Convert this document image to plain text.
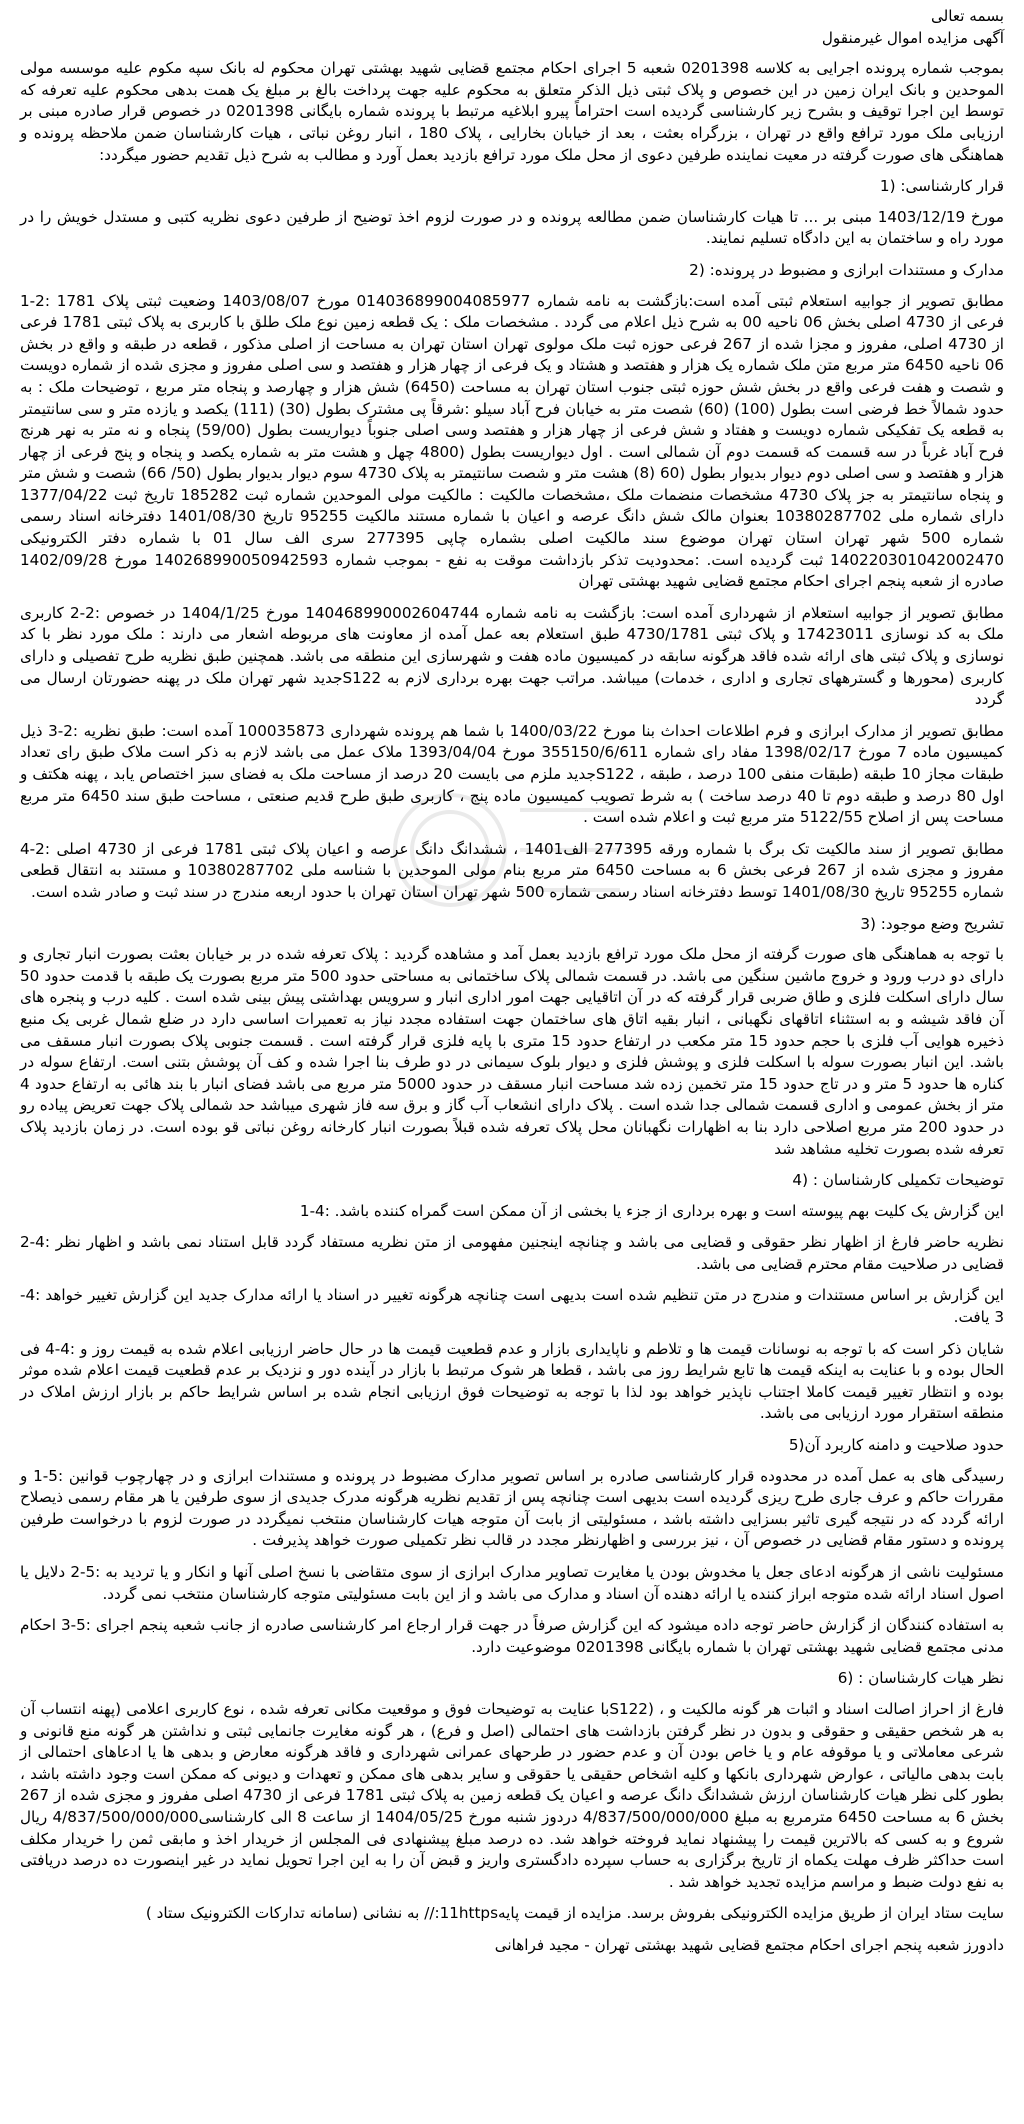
بسمه تعالی
آگهی مزایده اموال غیرمنقول

بموجب شماره پرونده اجرایی به کلاسه 0201398 شعبه 5 اجرای احکام مجتمع قضایی شهید بهشتی تهران محکوم له بانک سپه مکوم علیه موسسه مولی الموحدین و بانک ایران زمین در این خصوص و پلاک ثبتی ذیل الذکر متعلق به محکوم علیه جهت پرداخت بالغ بر مبلغ یک همت بدهی محکوم علیه تعرفه که توسط این اجرا توقیف و بشرح زیر کارشناسی گردیده است احتراماً پیرو ابلاغیه مرتبط با پرونده شماره بایگانی 0201398 در خصوص قرار صادره مبنی بر ارزیابی ملک مورد ترافع واقع در تهران ، بزرگراه بعثت ، بعد از خیابان بخارایی ، پلاک 180 ، انبار روغن نباتی ، هیات کارشناسان ضمن ملاحظه پرونده و هماهنگی های صورت گرفته در معیت نماینده طرفین دعوی از محل ملک مورد ترافع بازدید بعمل آورد و مطالب به شرح ذیل تقدیم حضور میگردد:

قرار کارشناسی: (1

مورخ 1403/12/19 مبنی بر ... تا هیات کارشناسان ضمن مطالعه پرونده و در صورت لزوم اخذ توضیح از طرفین دعوی نظریه کتبی و مستدل خویش را در مورد راه و ساختمان به این دادگاه تسلیم نمایند.

مدارک و مستندات ابرازی و مضبوط در پرونده: (2

مطابق تصویر از جوابیه استعلام ثبتی آمده است:بازگشت به نامه شماره 14036899004085977‏0 مورخ 1403/08/07 وضعیت ثبتی پلاک 1781 :2-1 فرعی از 4730 اصلی بخش 06 ناحیه 00 به شرح ذیل اعلام می گردد . مشخصات ملک : یک قطعه زمین نوع ملک طلق با کاربری به پلاک ثبتی 1781 فرعی از 4730 اصلی، مفروز و مجزا شده از 267 فرعی حوزه ثبت ملک مولوی تهران استان تهران به مساحت از اصلی مذکور ، قطعه در طبقه و واقع در بخش 06 ناحیه 6450 متر مربع متن ملک شماره یک هزار و هفتصد و هشتاد و یک فرعی از چهار هزار و هفتصد و سی اصلی مفروز و مجزی شده از شماره دویست و شصت و هفت فرعی واقع در بخش شش حوزه ثبتی جنوب استان تهران به مساحت (6450) شش هزار و چهارصد و پنجاه متر مربع ، توضیحات ملک : به حدود شمالاً خط فرضی است بطول (100) (60) شصت متر به خیابان فرح آباد سیلو :شرقاً پی مشترک بطول (30) (111) یکصد و یازده متر و سی سانتیمتر به قطعه یک تفکیکی شماره دویست و هفتاد و شش فرعی از چهار هزار و هفتصد وسی اصلی جنوباً دیواریست بطول (59/00) پنجاه و نه متر به نهر هرنج فرح آباد غرباً در سه قسمت که قسمت دوم آن شمالی است . اول دیواریست بطول (4800 چهل و هشت متر به شماره یکصد و پنجاه و پنج فرعی از چهار هزار و هفتصد و سی اصلی دوم دیوار بدیوار بطول (60 (8) هشت متر و شصت سانتیمتر به پلاک 4730 سوم دیوار بدیوار بطول (50/ 66) شصت و شش متر و پنجاه سانتیمتر به جز پلاک 4730 مشخصات منضمات ملک ،مشخصات مالکیت : مالکیت مولی الموحدین شماره ثبت 185282 تاریخ ثبت 1377/04/22 دارای شماره ملی 10380287702 بعنوان مالک شش دانگ عرصه و اعیان با شماره مستند مالکیت 95255 تاریخ 1401/08/30 دفترخانه اسناد رسمی شماره 500 شهر تهران استان تهران موضوع سند مالکیت اصلی بشماره چاپی 277395 سری الف سال 01 با شماره دفتر الکترونیکی 140220301042002470 ثبت گردیده است. :محدودیت تذکر بازداشت موقت به نفع - بموجب شماره 140268990050942593 مورخ 1402/09/28 صادره از شعبه پنجم اجرای احکام مجتمع قضایی شهید بهشتی تهران

مطابق تصویر از جوابیه استعلام از شهرداری آمده است: بازگشت به نامه شماره 140468990002604744 مورخ 1404/1/25 در خصوص :2-2 کاربری ملک به کد نوسازی 17423011 و پلاک ثبتی 4730/1781 طبق استعلام بعه عمل آمده از معاونت های مربوطه اشعار می دارند : ملک مورد نظر با کد نوسازی و پلاک ثبتی های ارائه شده فاقد هرگونه سابقه در کمیسیون ماده هفت و شهرسازی این منطقه می باشد. همچنین طبق نظریه طرح تفصیلی و دارای کاربری (محورها و گسترههای تجاری و اداری ، خدمات) میباشد. مراتب جهت بهره برداری لازم به S122جدید شهر تهران ملک در پهنه حضورتان ارسال می گردد

مطابق تصویر از مدارک ابرازی و فرم اطلاعات احداث بنا مورخ 1400/03/22 با شما هم پرونده شهرداری 100035873 آمده است: طبق نظریه :2-3 ذیل کمیسیون ماده 7 مورخ 1398/02/17 مفاد رای شماره 355150/6/611 مورخ 1393/04/04 ملاک عمل می باشد لازم به ذکر است ملاک طبق رای تعداد طبقات مجاز 10 طبقه (طبقات منفی 100 درصد ، طبقه ، S122جدید ملزم می بایست 20 درصد از مساحت ملک به فضای سبز اختصاص یابد ، پهنه هکتف و اول 80 درصد و طبقه دوم تا 40 درصد ساخت ) به شرط تصویب کمیسیون ماده پنج ، کاربری طبق طرح قدیم صنعتی ، مساحت طبق سند 6450 متر مربع مساحت پس از اصلاح 5122/55 متر مربع ثبت و اعلام شده است .

مطابق تصویر از سند مالکیت تک برگ با شماره ورقه 277395 الف1401 ، ششدانگ دانگ عرصه و اعیان پلاک ثبتی 1781 فرعی از 4730 اصلی :2-4 مفروز و مجزی شده از 267 فرعی بخش 6 به مساحت 6450 متر مربع بنام مولی الموحدین با شناسه ملی 10380287702 و مستند به انتقال قطعی شماره 95255 تاریخ 1401/08/30 توسط دفترخانه اسناد رسمی شماره 500 شهر تهران استان تهران با حدود اربعه مندرج در سند ثبت و صادر شده است.

تشریح وضع موجود: (3

با توجه به هماهنگی های صورت گرفته از محل ملک مورد ترافع بازدید بعمل آمد و مشاهده گردید : پلاک تعرفه شده در بر خیابان بعثت بصورت انبار تجاری و دارای دو درب ورود و خروج ماشین سنگین می باشد. در قسمت شمالی پلاک ساختمانی به مساحتی حدود 500 متر مربع بصورت یک طبقه با قدمت حدود 50 سال دارای اسکلت فلزی و طاق ضربی قرار گرفته که در آن اتاقیایی جهت امور اداری انبار و سرویس بهداشتی پیش بینی شده است . کلیه درب و پنجره های آن فاقد شیشه و به استثناء اتاقهای نگهبانی ، انبار بقیه اتاق های ساختمان جهت استفاده مجدد نیاز به تعمیرات اساسی دارد در ضلع شمال غربی یک منبع ذخیره هوایی آب فلزی با حجم حدود 15 متر مکعب در ارتفاع حدود 15 متری با پایه فلزی قرار گرفته است . قسمت جنوبی پلاک بصورت انبار مسقف می باشد. این انبار بصورت سوله با اسکلت فلزی و پوشش فلزی و دیوار بلوک سیمانی در دو طرف بنا اجرا شده و کف آن پوشش بتنی است. ارتفاع سوله در کناره ها حدود 5 متر و در تاج حدود 15 متر تخمین زده شد مساحت انبار مسقف در حدود 5000 متر مربع می باشد فضای انبار با بند هائی به ارتفاع حدود 4 متر از بخش عمومی و اداری قسمت شمالی جدا شده است . پلاک دارای انشعاب آب گاز و برق سه فاز شهری میباشد حد شمالی پلاک جهت تعریض پیاده رو در حدود 200 متر مربع اصلاحی دارد بنا به اظهارات نگهبانان محل پلاک تعرفه شده قبلاً بصورت انبار کارخانه روغن نباتی قو بوده است. در زمان بازدید پلاک تعرفه شده بصورت تخلیه مشاهد شد

توضیحات تکمیلی کارشناسان : (4

این گزارش یک کلیت بهم پیوسته است و بهره برداری از جزء یا بخشی از آن ممکن است گمراه کننده باشد. :4-1

نظریه حاضر فارغ از اظهار نظر حقوقی و قضایی می باشد و چنانچه اینجنین مفهومی از متن نظریه مستفاد گردد قابل استناد نمی باشد و اظهار نظر :4-2 قضایی در صلاحیت مقام محترم قضایی می باشد.

این گزارش بر اساس مستندات و مندرج در متن تنظیم شده است بدیهی است چنانچه هرگونه تغییر در اسناد یا ارائه مدارک جدید این گزارش تغییر خواهد :4-3 یافت.

شایان ذکر است که با توجه به نوسانات قیمت ها و تلاطم و ناپایداری بازار و عدم قطعیت قیمت ها در حال حاضر ارزیابی اعلام شده به قیمت روز و :4-4 فی الحال بوده و با عنایت به اینکه قیمت ها تابع شرایط روز می باشد ، قطعا هر شوک مرتبط با بازار در آینده دور و نزدیک بر عدم قطعیت قیمت اعلام شده موثر بوده و انتظار تغییر قیمت کاملا اجتناب ناپذیر خواهد بود لذا با توجه به توضیحات فوق ارزیابی انجام شده بر اساس شرایط حاکم بر بازار ارزش املاک در منطقه استقرار مورد ارزیابی می باشد.

حدود صلاحیت و دامنه کاربرد آن(5

رسیدگی های به عمل آمده در محدوده قرار کارشناسی صادره بر اساس تصویر مدارک مضبوط در پرونده و مستندات ابرازی و در چهارچوب قوانین :5-1 و مقررات حاکم و عرف جاری طرح ریزی گردیده است بدیهی است چنانچه پس از تقدیم نظریه هرگونه مدرک جدیدی از سوی طرفین یا هر مقام رسمی ذیصلاح ارائه گردد که در نتیجه گیری تاثیر بسزایی داشته باشد ، مسئولیتی از بابت آن متوجه هیات کارشناسان منتخب نمیگردد در صورت لزوم با درخواست طرفین پرونده و دستور مقام قضایی در خصوص آن ، نیز بررسی و اظهارنظر مجدد در قالب نظر تکمیلی صورت خواهد پذیرفت .

مسئولیت ناشی از هرگونه ادعای جعل یا مخدوش بودن یا مغایرت تصاویر مدارک ابرازی از سوی متقاضی با نسخ اصلی آنها و انکار و یا تردید به :5-2 دلایل یا اصول اسناد ارائه شده متوجه ابراز کننده یا ارائه دهنده آن اسناد و مدارک می باشد و از این بابت مسئولیتی متوجه کارشناسان منتخب نمی گردد.

به استفاده کنندگان از گزارش حاضر توجه داده میشود که این گزارش صرفاً در جهت قرار ارجاع امر کارشناسی صادره از جانب شعبه پنجم اجرای :5-3 احکام مدنی مجتمع قضایی شهید بهشتی تهران با شماره بایگانی 0201398 موضوعیت دارد.

نظر هیات کارشناسان : (6

فارغ از احراز اصالت اسناد و اثبات هر گونه مالکیت و ، (S122با عنایت به توضیحات فوق و موقعیت مکانی تعرفه شده ، نوع کاربری اعلامی (پهنه انتساب آن به هر شخص حقیقی و حقوقی و بدون در نظر گرفتن بازداشت های احتمالی (اصل و فرع) ، هر گونه مغایرت جانمایی ثبتی و نداشتن هر گونه منع قانونی و شرعی معاملاتی و یا موقوفه عام و یا خاص بودن آن و عدم حضور در طرحهای عمرانی شهرداری و فاقد هرگونه معارض و بدهی ها یا ادعاهای احتمالی از بابت بدهی مالیاتی ، عوارض شهرداری بانکها و کلیه اشخاص حقیقی یا حقوقی و سایر بدهی های ممکن و تعهدات و دیونی که ممکن است وجود داشته باشد ، بطور کلی نظر هیات کارشناسان ارزش ششدانگ دانگ عرصه و اعیان یک قطعه زمین به پلاک ثبتی 1781 فرعی از 4730 اصلی مفروز و مجزی شده از 267 بخش 6 به مساحت 6450 مترمربع به مبلغ 4/837/500/000/000 دردوز شنبه مورخ 1404/05/25 از ساعت 8 الی کارشناسی4/837/500/000/000 ریال شروع و به کسی که بالاترین قیمت را پیشنهاد نماید فروخته خواهد شد. ده درصد مبلغ پیشنهادی فی المجلس از خریدار اخذ و مابقی ثمن را خریدار مکلف است حداکثر ظرف مهلت یکماه از تاریخ برگزاری به حساب سپرده دادگستری واریز و قبض آن را به این اجرا تحویل نماید در غیر اینصورت ده درصد دریافتی به نفع دولت ضبط و مراسم مزایده تجدید خواهد شد .

سایت ستاد ایران از طریق مزایده الکترونیکی بفروش برسد. مزایده از قیمت پایه11https:// به نشانی (سامانه تدارکات الکترونیک ستاد )

دادورز شعبه پنجم اجرای احکام مجتمع قضایی شهید بهشتی تهران - مجید فراهانی
